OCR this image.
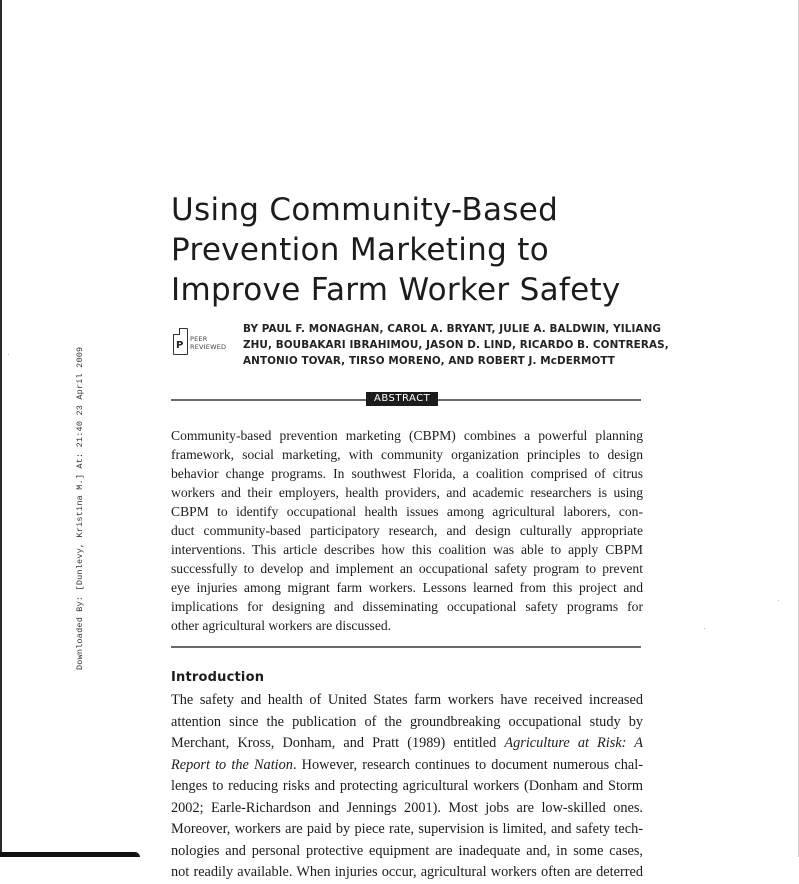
Downloaded By: [Dunlevy, Kristina M.] At: 21:40 23 April 2009
Using Community-Based
Prevention Marketing to
Improve Farm Worker Safety
P
PEER
REVIEWED
BY PAUL F. MONAGHAN, CAROL A. BRYANT, JULIE A. BALDWIN, YILIANG
ZHU, BOUBAKARI IBRAHIMOU, JASON D. LIND, RICARDO B. CONTRERAS,
ANTONIO TOVAR, TIRSO MORENO, AND ROBERT J. McDERMOTT
ABSTRACT
Community-based prevention marketing (CBPM) combines a powerful planning
framework, social marketing, with community organization principles to design
behavior change programs. In southwest Florida, a coalition comprised of citrus
workers and their employers, health providers, and academic researchers is using
CBPM to identify occupational health issues among agricultural laborers, con-
duct community-based participatory research, and design culturally appropriate
interventions. This article describes how this coalition was able to apply CBPM
successfully to develop and implement an occupational safety program to prevent
eye injuries among migrant farm workers. Lessons learned from this project and
implications for designing and disseminating occupational safety programs for
other agricultural workers are discussed.
Introduction
The safety and health of United States farm workers have received increased
attention since the publication of the groundbreaking occupational study by
Merchant, Kross, Donham, and Pratt (1989) entitled Agriculture at Risk: A
Report to the Nation. However, research continues to document numerous chal-
lenges to reducing risks and protecting agricultural workers (Donham and Storm
2002; Earle-Richardson and Jennings 2001). Most jobs are low-skilled ones.
Moreover, workers are paid by piece rate, supervision is limited, and safety tech-
nologies and personal protective equipment are inadequate and, in some cases,
not readily available. When injuries occur, agricultural workers often are deterred
